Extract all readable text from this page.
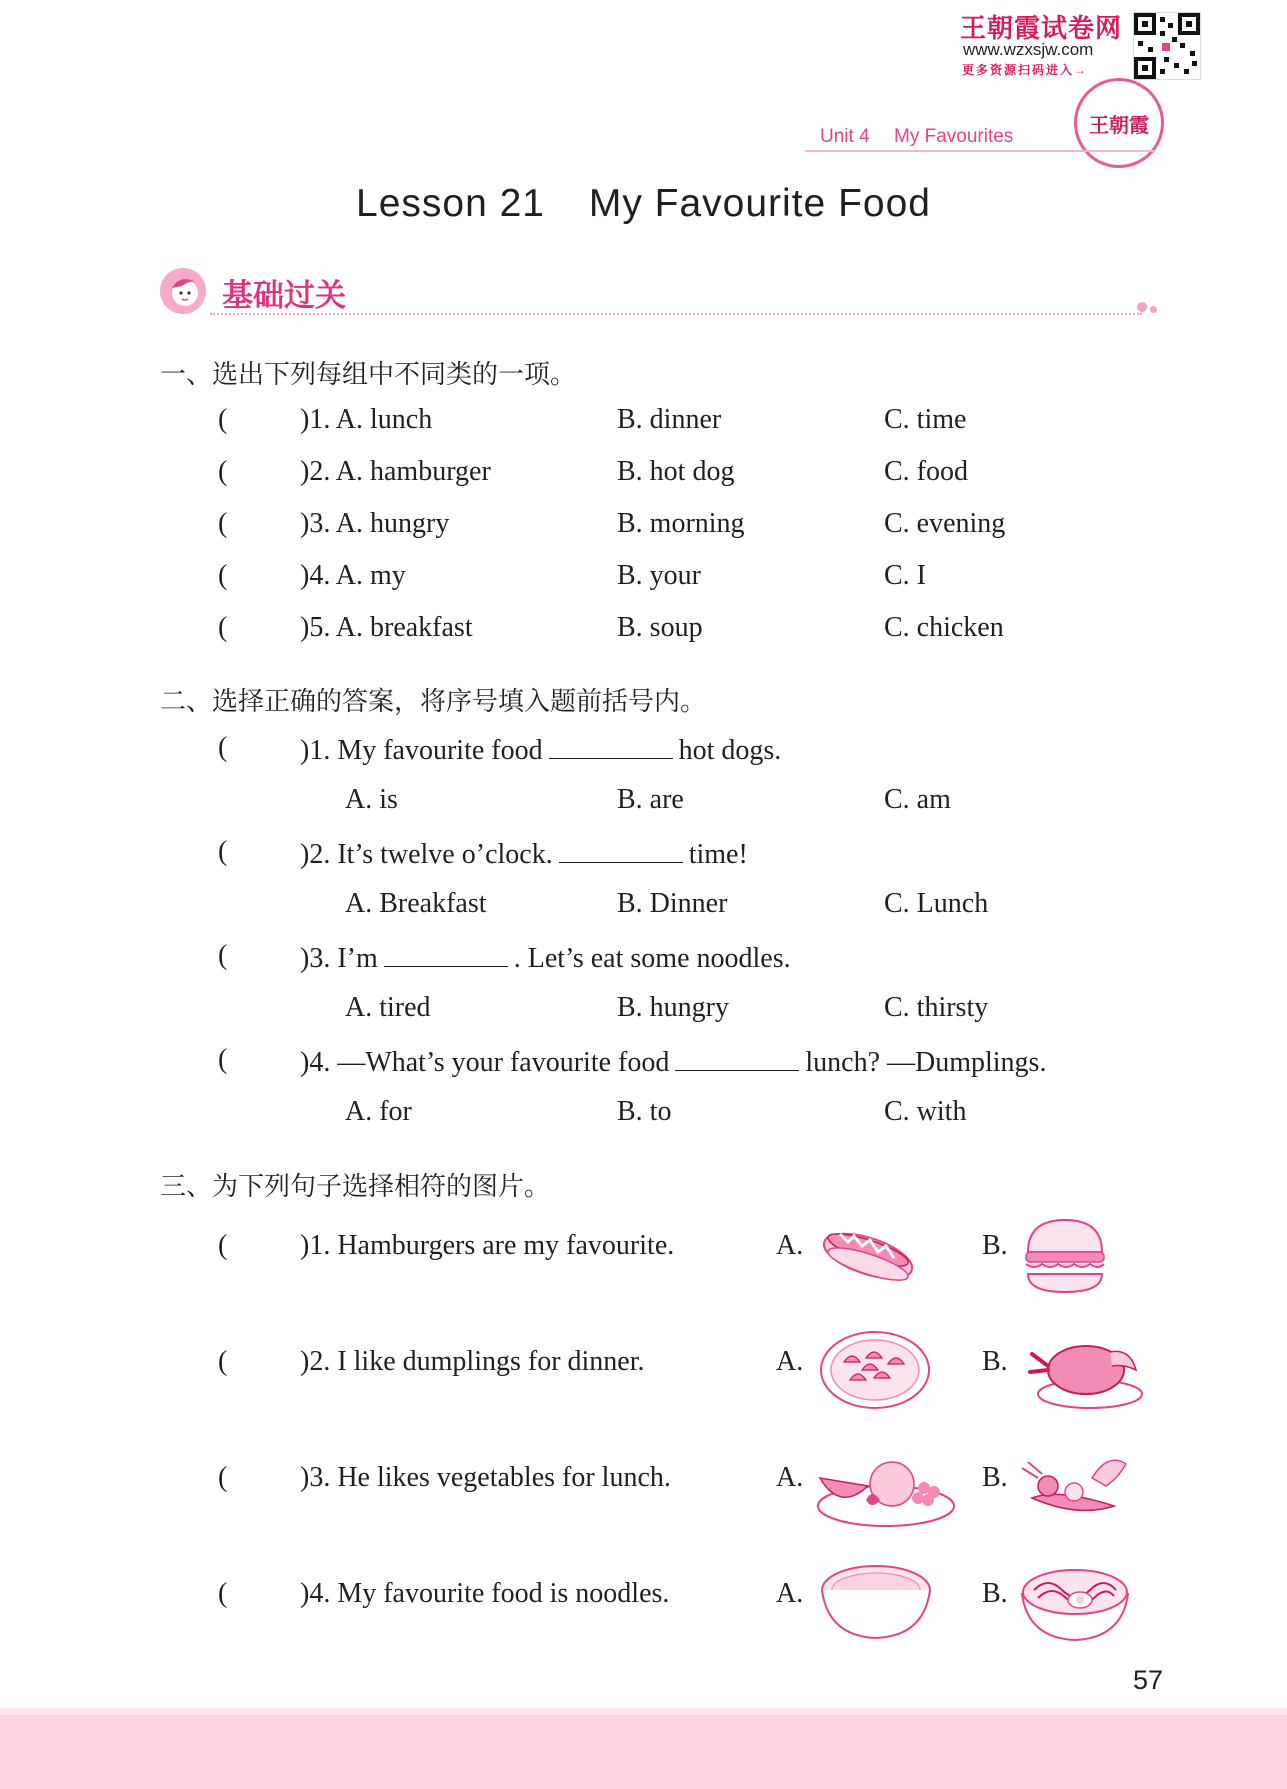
王朝霞试卷网
www.wzxsjw.com
更多资源扫码进入→
王朝霞
Unit 4 My Favourites
Lesson 21 My Favourite Food
基础过关
一、选出下列每组中不同类的一项。
(	)1. A. lunch	B. dinner	C. time
(	)2. A. hamburger	B. hot dog	C. food
(	)3. A. hungry	B. morning	C. evening
(	)4. A. my	B. your	C. I
(	)5. A. breakfast	B. soup	C. chicken
二、选择正确的答案，将序号填入题前括号内。
(	)1. My favourite food	hot dogs.
A. is	B. are	C. am
(	)2. It’s twelve o’clock.	time!
A. Breakfast	B. Dinner	C. Lunch
(	)3. I’m	. Let’s eat some noodles.
A. tired	B. hungry	C. thirsty
(	)4. —What’s your favourite food	lunch? —Dumplings.
A. for	B. to	C. with
三、为下列句子选择相符的图片。
(	)1. Hamburgers are my favourite.	A.	B.
(	)2. I like dumplings for dinner.	A.	B.
(	)3. He likes vegetables for lunch.	A.	B.
(	)4. My favourite food is noodles.	A.	B.
57
